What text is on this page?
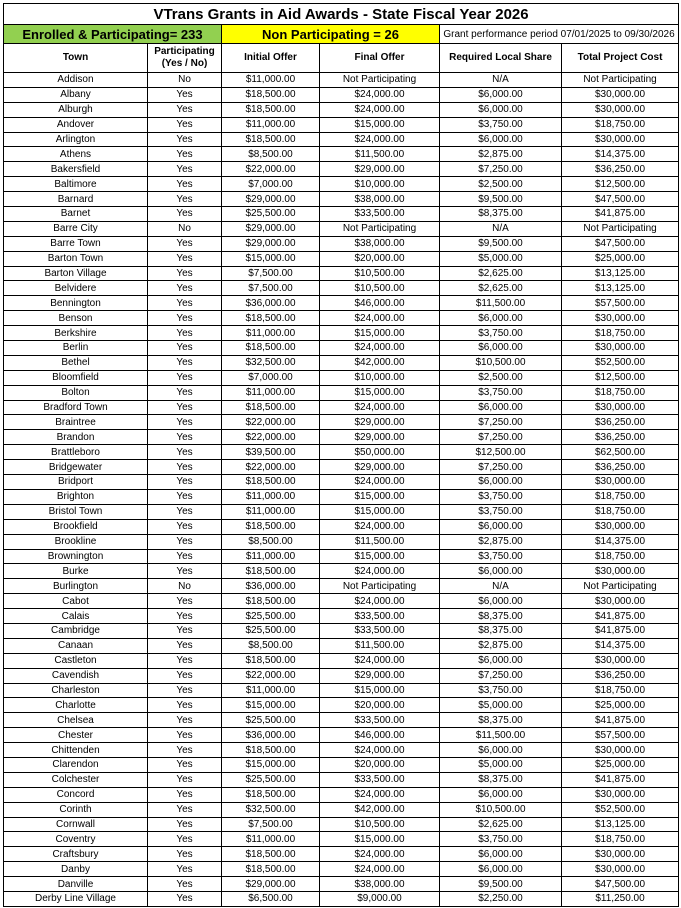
VTrans Grants in Aid Awards - State Fiscal Year 2026					
Enrolled & Participating= 233		Non Participating = 26		Grant performance period 07/01/2025 to 09/30/2026	
Town	Participating (Yes / No)	Initial Offer	Final Offer	Required Local Share	Total Project Cost
Addison	No	$11,000.00	Not Participating	N/A	Not Participating
Albany	Yes	$18,500.00	$24,000.00	$6,000.00	$30,000.00
Alburgh	Yes	$18,500.00	$24,000.00	$6,000.00	$30,000.00
Andover	Yes	$11,000.00	$15,000.00	$3,750.00	$18,750.00
Arlington	Yes	$18,500.00	$24,000.00	$6,000.00	$30,000.00
Athens	Yes	$8,500.00	$11,500.00	$2,875.00	$14,375.00
Bakersfield	Yes	$22,000.00	$29,000.00	$7,250.00	$36,250.00
Baltimore	Yes	$7,000.00	$10,000.00	$2,500.00	$12,500.00
Barnard	Yes	$29,000.00	$38,000.00	$9,500.00	$47,500.00
Barnet	Yes	$25,500.00	$33,500.00	$8,375.00	$41,875.00
Barre City	No	$29,000.00	Not Participating	N/A	Not Participating
Barre Town	Yes	$29,000.00	$38,000.00	$9,500.00	$47,500.00
Barton Town	Yes	$15,000.00	$20,000.00	$5,000.00	$25,000.00
Barton Village	Yes	$7,500.00	$10,500.00	$2,625.00	$13,125.00
Belvidere	Yes	$7,500.00	$10,500.00	$2,625.00	$13,125.00
Bennington	Yes	$36,000.00	$46,000.00	$11,500.00	$57,500.00
Benson	Yes	$18,500.00	$24,000.00	$6,000.00	$30,000.00
Berkshire	Yes	$11,000.00	$15,000.00	$3,750.00	$18,750.00
Berlin	Yes	$18,500.00	$24,000.00	$6,000.00	$30,000.00
Bethel	Yes	$32,500.00	$42,000.00	$10,500.00	$52,500.00
Bloomfield	Yes	$7,000.00	$10,000.00	$2,500.00	$12,500.00
Bolton	Yes	$11,000.00	$15,000.00	$3,750.00	$18,750.00
Bradford Town	Yes	$18,500.00	$24,000.00	$6,000.00	$30,000.00
Braintree	Yes	$22,000.00	$29,000.00	$7,250.00	$36,250.00
Brandon	Yes	$22,000.00	$29,000.00	$7,250.00	$36,250.00
Brattleboro	Yes	$39,500.00	$50,000.00	$12,500.00	$62,500.00
Bridgewater	Yes	$22,000.00	$29,000.00	$7,250.00	$36,250.00
Bridport	Yes	$18,500.00	$24,000.00	$6,000.00	$30,000.00
Brighton	Yes	$11,000.00	$15,000.00	$3,750.00	$18,750.00
Bristol Town	Yes	$11,000.00	$15,000.00	$3,750.00	$18,750.00
Brookfield	Yes	$18,500.00	$24,000.00	$6,000.00	$30,000.00
Brookline	Yes	$8,500.00	$11,500.00	$2,875.00	$14,375.00
Brownington	Yes	$11,000.00	$15,000.00	$3,750.00	$18,750.00
Burke	Yes	$18,500.00	$24,000.00	$6,000.00	$30,000.00
Burlington	No	$36,000.00	Not Participating	N/A	Not Participating
Cabot	Yes	$18,500.00	$24,000.00	$6,000.00	$30,000.00
Calais	Yes	$25,500.00	$33,500.00	$8,375.00	$41,875.00
Cambridge	Yes	$25,500.00	$33,500.00	$8,375.00	$41,875.00
Canaan	Yes	$8,500.00	$11,500.00	$2,875.00	$14,375.00
Castleton	Yes	$18,500.00	$24,000.00	$6,000.00	$30,000.00
Cavendish	Yes	$22,000.00	$29,000.00	$7,250.00	$36,250.00
Charleston	Yes	$11,000.00	$15,000.00	$3,750.00	$18,750.00
Charlotte	Yes	$15,000.00	$20,000.00	$5,000.00	$25,000.00
Chelsea	Yes	$25,500.00	$33,500.00	$8,375.00	$41,875.00
Chester	Yes	$36,000.00	$46,000.00	$11,500.00	$57,500.00
Chittenden	Yes	$18,500.00	$24,000.00	$6,000.00	$30,000.00
Clarendon	Yes	$15,000.00	$20,000.00	$5,000.00	$25,000.00
Colchester	Yes	$25,500.00	$33,500.00	$8,375.00	$41,875.00
Concord	Yes	$18,500.00	$24,000.00	$6,000.00	$30,000.00
Corinth	Yes	$32,500.00	$42,000.00	$10,500.00	$52,500.00
Cornwall	Yes	$7,500.00	$10,500.00	$2,625.00	$13,125.00
Coventry	Yes	$11,000.00	$15,000.00	$3,750.00	$18,750.00
Craftsbury	Yes	$18,500.00	$24,000.00	$6,000.00	$30,000.00
Danby	Yes	$18,500.00	$24,000.00	$6,000.00	$30,000.00
Danville	Yes	$29,000.00	$38,000.00	$9,500.00	$47,500.00
Derby Line Village	Yes	$6,500.00	$9,000.00	$2,250.00	$11,250.00
